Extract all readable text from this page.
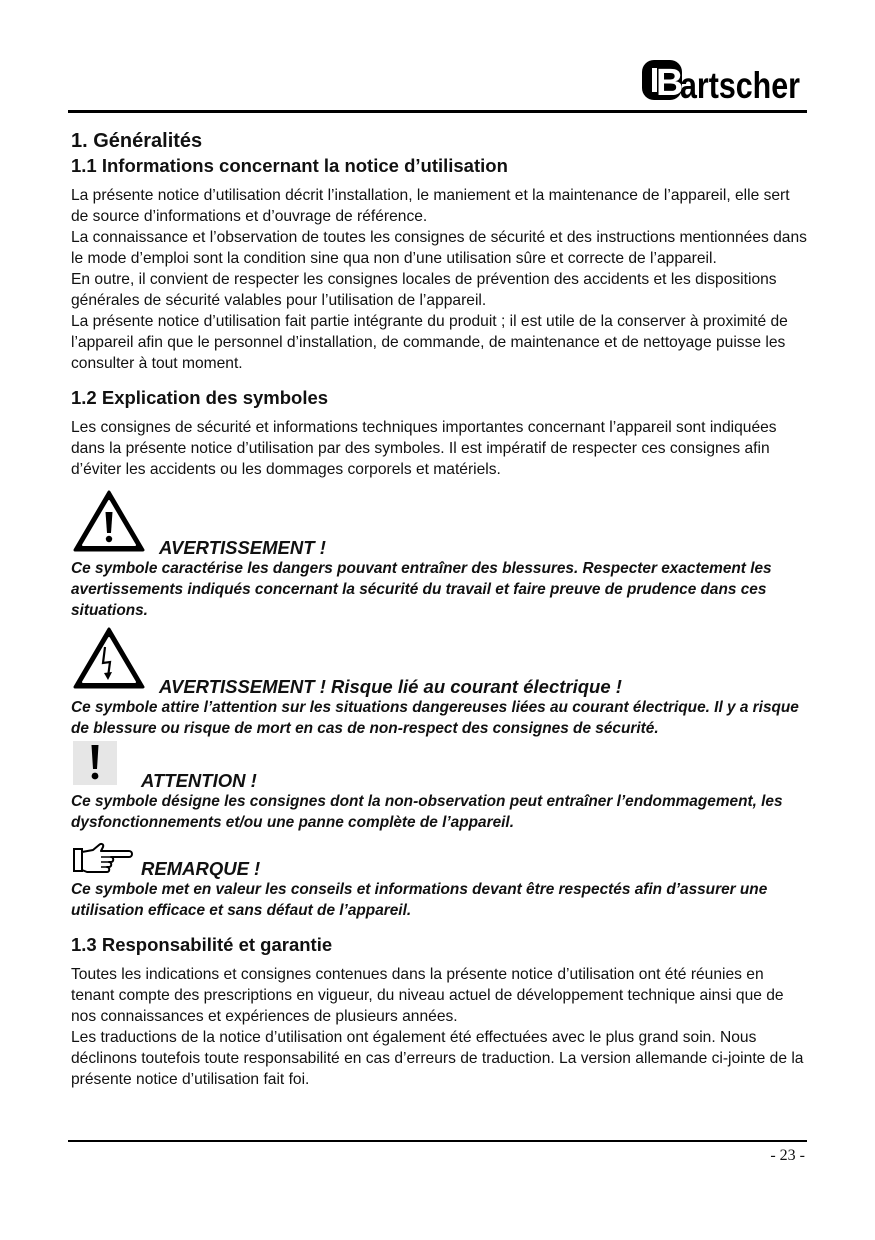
B
artscher
1. Généralités
1.1 Informations concernant la notice d’utilisation

La présente notice d’utilisation décrit l’installation, le maniement et la maintenance de l’appareil, elle sert de source d’informations et d’ouvrage de référence.

La connaissance et l’observation de toutes les consignes de sécurité et des instructions mentionnées dans le mode d’emploi sont la condition sine qua non d’une utilisation sûre et correcte de l’appareil.

En outre, il convient de respecter les consignes locales de prévention des accidents et les dispositions générales de sécurité valables pour l’utilisation de l’appareil.

La présente notice d’utilisation fait partie intégrante du produit ; il est utile de la conserver à proximité de l’appareil afin que le personnel d’installation, de commande, de maintenance et de nettoyage puisse les consulter à tout moment.

1.2 Explication des symboles

Les consignes de sécurité et informations techniques importantes concernant l’appareil sont indiquées dans la présente notice d’utilisation par des symboles. Il est impératif de respecter ces consignes afin d’éviter les accidents ou les dommages corporels et matériels.

AVERTISSEMENT !

Ce symbole caractérise les dangers pouvant entraîner des blessures. Respecter exactement les avertissements indiqués concernant la sécurité du travail et faire preuve de prudence dans ces situations.

AVERTISSEMENT ! Risque lié au courant électrique !

Ce symbole attire l’attention sur les situations dangereuses liées au courant électrique. Il y a risque de blessure ou risque de mort en cas de non-respect des consignes de sécurité.

ATTENTION !

Ce symbole désigne les consignes dont la non-observation peut entraîner l’endommagement, les dysfonctionnements et/ou une panne complète de l’appareil.

REMARQUE !

Ce symbole met en valeur les conseils et informations devant être respectés afin d’assurer une utilisation efficace et sans défaut de l’appareil.

1.3 Responsabilité et garantie

Toutes les indications et consignes contenues dans la présente notice d’utilisation ont été réunies en tenant compte des prescriptions en vigueur, du niveau actuel de développement technique ainsi que de nos connaissances et expériences de plusieurs années.

Les traductions de la notice d’utilisation ont également été effectuées avec le plus grand soin. Nous déclinons toutefois toute responsabilité en cas d’erreurs de traduction. La version allemande ci-jointe de la présente notice d’utilisation fait foi.

- 23 -
